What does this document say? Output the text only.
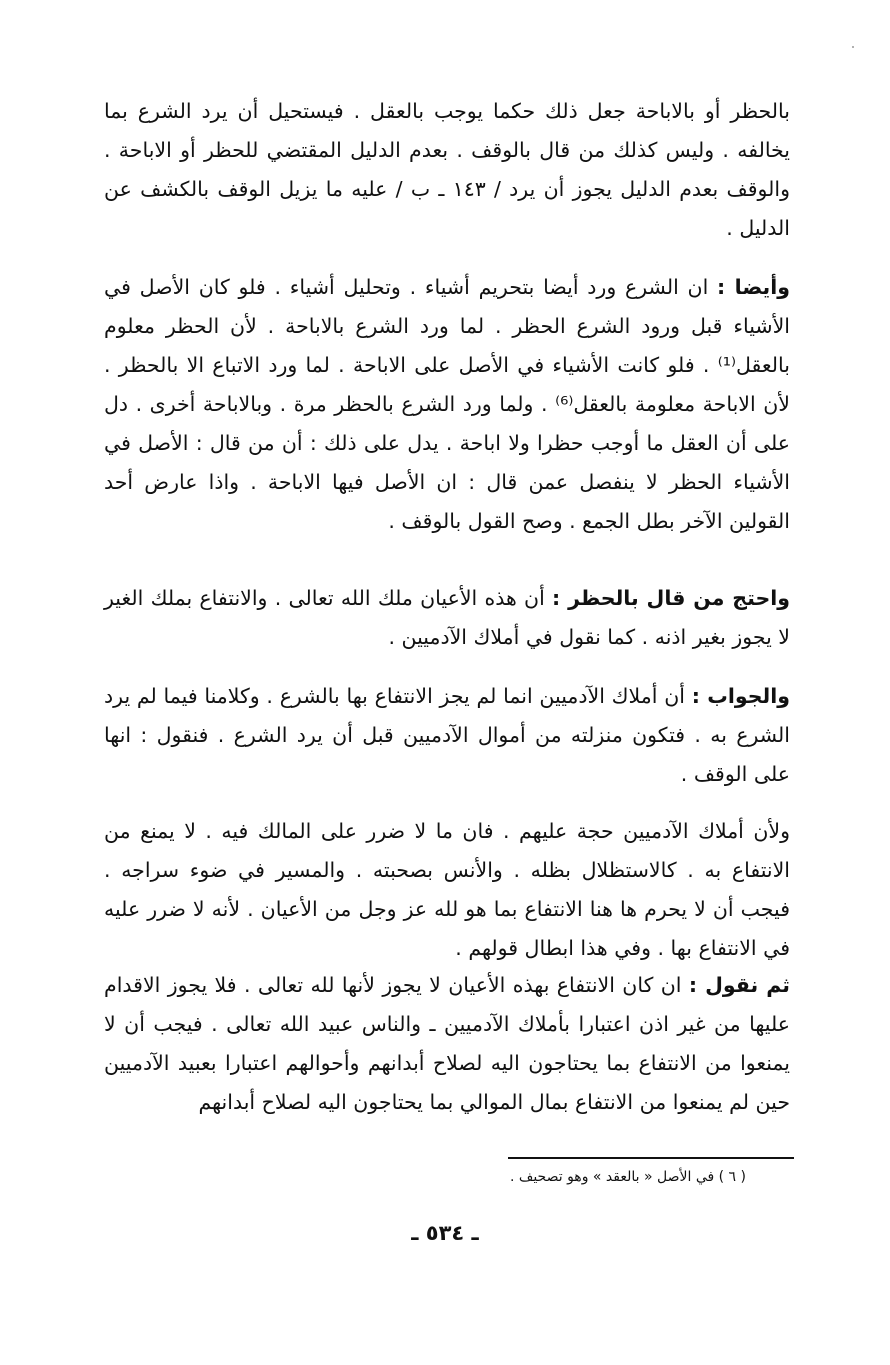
بالحظر أو بالاباحة جعل ذلك حكما يوجب بالعقل . فيستحيل أن يرد الشرع بما يخالفه . وليس كذلك من قال بالوقف . بعدم الدليل المقتضي للحظر أو الاباحة . والوقف بعدم الدليل يجوز أن يرد / ١٤٣ ـ ب / عليه ما يزيل الوقف بالكشف عن الدليل .

وأيضا : ان الشرع ورد أيضا بتحريم أشياء . وتحليل أشياء . فلو كان الأصل في الأشياء قبل ورود الشرع الحظر . لما ورد الشرع بالاباحة . لأن الحظر معلوم بالعقل⁽¹⁾ . فلو كانت الأشياء في الأصل على الاباحة . لما ورد الاتباع الا بالحظر . لأن الاباحة معلومة بالعقل⁽⁶⁾ . ولما ورد الشرع بالحظر مرة . وبالاباحة أخرى . دل على أن العقل ما أوجب حظرا ولا اباحة . يدل على ذلك : أن من قال : الأصل في الأشياء الحظر لا ينفصل عمن قال : ان الأصل فيها الاباحة . واذا عارض أحد القولين الآخر بطل الجمع . وصح القول بالوقف .

واحتج من قال بالحظر : أن هذه الأعيان ملك الله تعالى . والانتفاع بملك الغير لا يجوز بغير اذنه . كما نقول في أملاك الآدميين .

والجواب : أن أملاك الآدميين انما لم يجز الانتفاع بها بالشرع . وكلامنا فيما لم يرد الشرع به . فتكون منزلته من أموال الآدميين قبل أن يرد الشرع . فنقول : انها على الوقف .

ولأن أملاك الآدميين حجة عليهم . فان ما لا ضرر على المالك فيه . لا يمنع من الانتفاع به . كالاستظلال بظله . والأنس بصحبته . والمسير في ضوء سراجه . فيجب أن لا يحرم ها هنا الانتفاع بما هو لله عز وجل من الأعيان . لأنه لا ضرر عليه في الانتفاع بها . وفي هذا ابطال قولهم .

ثم نقول : ان كان الانتفاع بهذه الأعيان لا يجوز لأنها لله تعالى . فلا يجوز الاقدام عليها من غير اذن اعتبارا بأملاك الآدميين ـ والناس عبيد الله تعالى . فيجب أن لا يمنعوا من الانتفاع بما يحتاجون اليه لصلاح أبدانهم وأحوالهم اعتبارا بعبيد الآدميين حين لم يمنعوا من الانتفاع بمال الموالي بما يحتاجون اليه لصلاح أبدانهم

( ٦ ) في الأصل « بالعقد » وهو تصحيف .
ـ ٥٣٤ ـ
